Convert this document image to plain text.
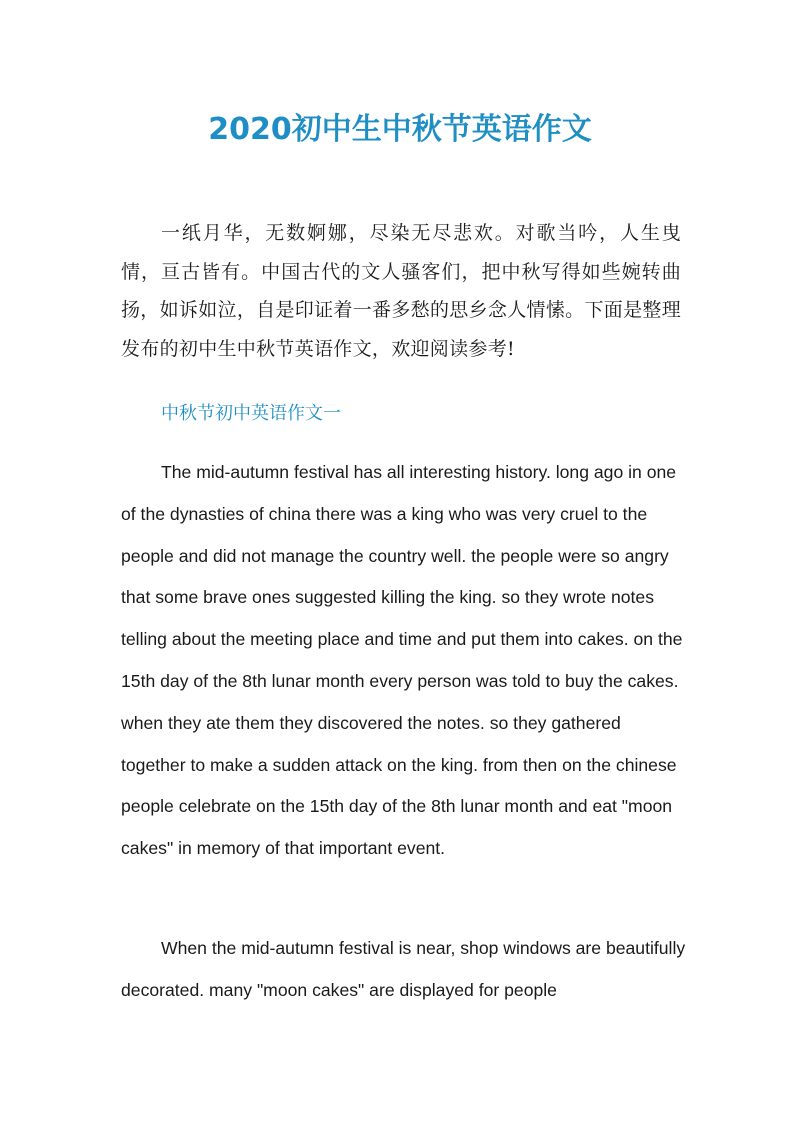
2020初中生中秋节英语作文

一纸月华，无数婀娜，尽染无尽悲欢。对歌当吟，人生曳情，亘古皆有。中国古代的文人骚客们，把中秋写得如些婉转曲扬，如诉如泣，自是印证着一番多愁的思乡念人情愫。下面是整理发布的初中生中秋节英语作文，欢迎阅读参考!

中秋节初中英语作文一

The mid-autumn festival has all interesting history. long ago in one of the dynasties of china there was a king who was very cruel to the people and did not manage the country well. the people were so angry that some brave ones suggested killing the king. so they wrote notes telling about the meeting place and time and put them into cakes. on the 15th day of the 8th lunar month every person was told to buy the cakes. when they ate them they discovered the notes. so they gathered together to make a sudden attack on the king. from then on the chinese people celebrate on the 15th day of the 8th lunar month and eat "moon cakes" in memory of that important event.

When the mid-autumn festival is near, shop windows are beautifully decorated. many "moon cakes" are displayed for people
